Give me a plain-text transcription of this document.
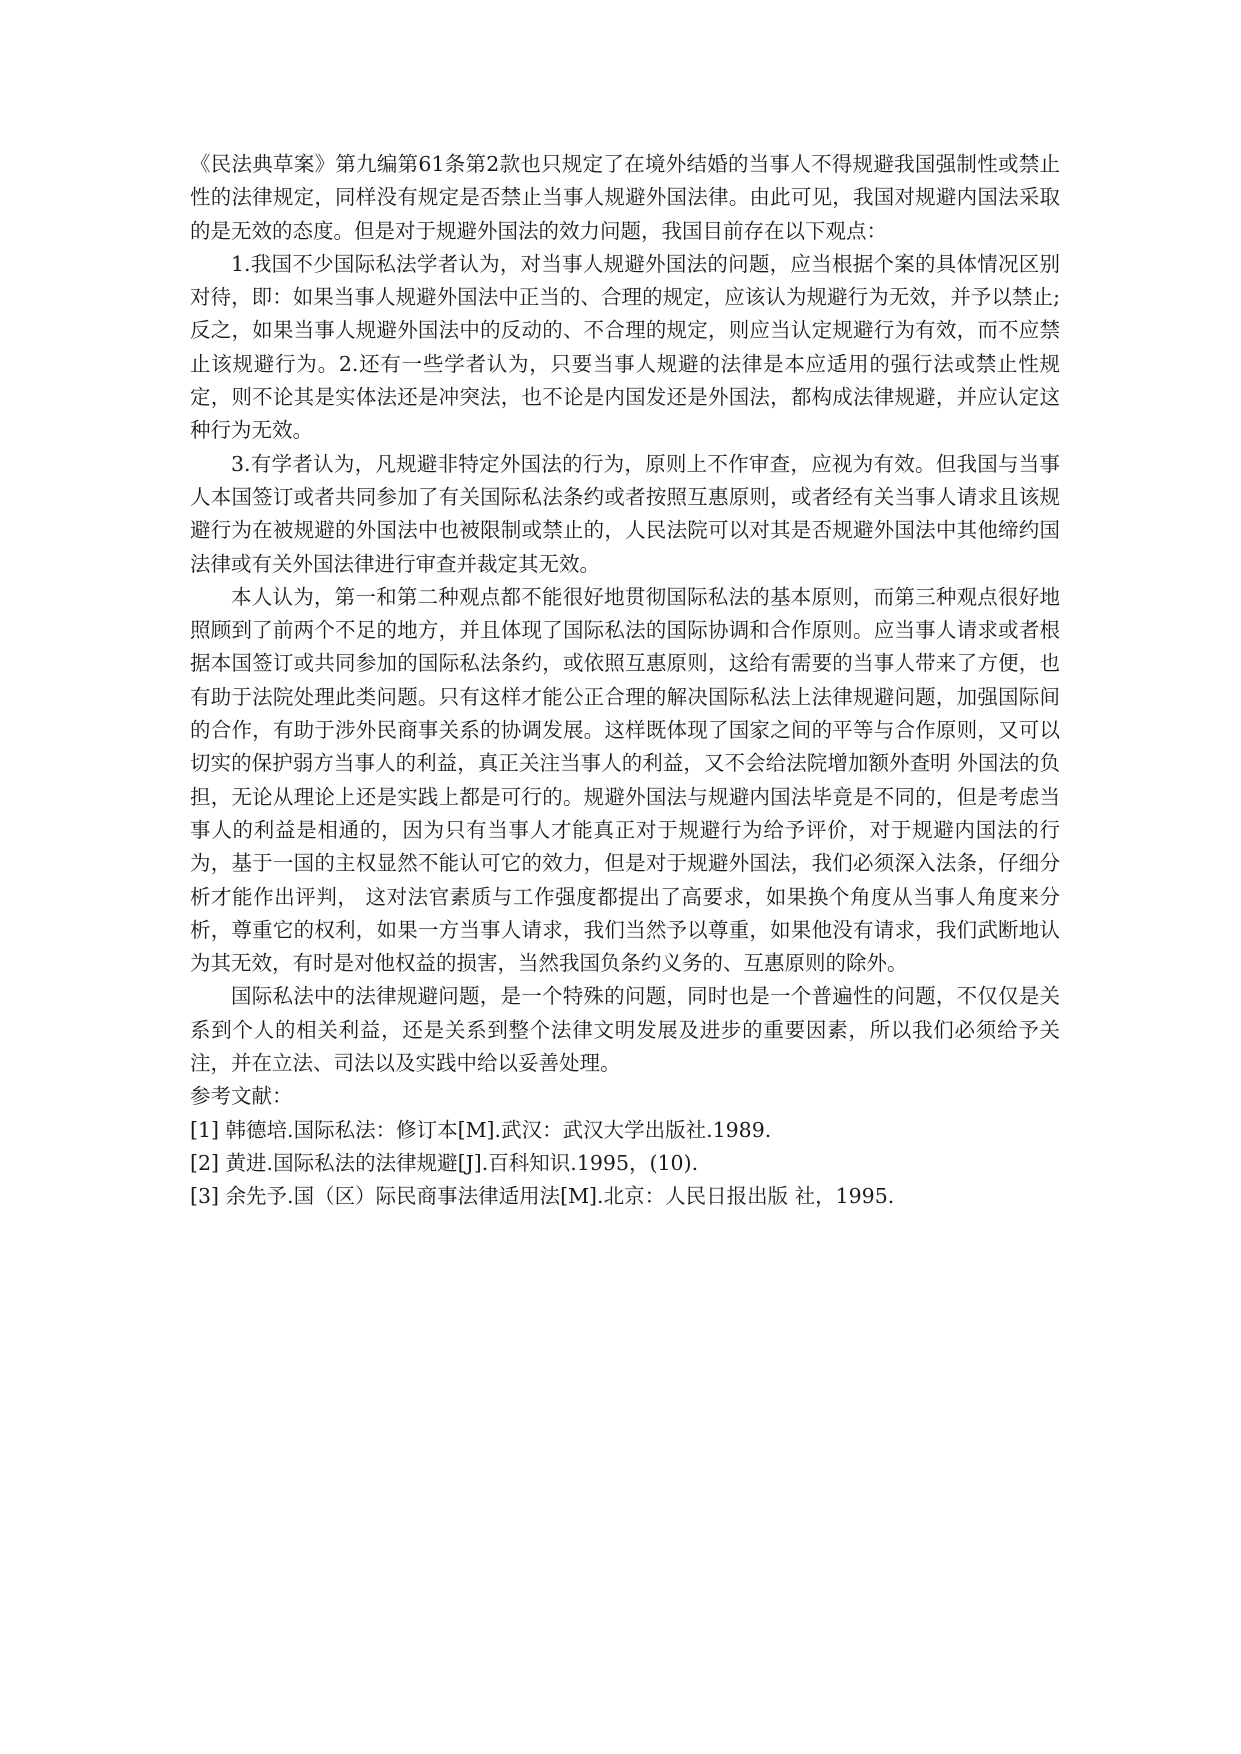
《民法典草案》第九编第61条第2款也只规定了在境外结婚的当事人不得规避我国强制性或禁止性的法律规定，同样没有规定是否禁止当事人规避外国法律。由此可见，我国对规避内国法采取的是无效的态度。但是对于规避外国法的效力问题，我国目前存在以下观点：

1.我国不少国际私法学者认为，对当事人规避外国法的问题，应当根据个案的具体情况区别对待，即：如果当事人规避外国法中正当的、合理的规定，应该认为规避行为无效，并予以禁止;反之，如果当事人规避外国法中的反动的、不合理的规定，则应当认定规避行为有效，而不应禁止该规避行为。2.还有一些学者认为，只要当事人规避的法律是本应适用的强行法或禁止性规定，则不论其是实体法还是冲突法，也不论是内国发还是外国法，都构成法律规避，并应认定这种行为无效。

3.有学者认为，凡规避非特定外国法的行为，原则上不作审查，应视为有效。但我国与当事人本国签订或者共同参加了有关国际私法条约或者按照互惠原则，或者经有关当事人请求且该规避行为在被规避的外国法中也被限制或禁止的，人民法院可以对其是否规避外国法中其他缔约国法律或有关外国法律进行审查并裁定其无效。

本人认为，第一和第二种观点都不能很好地贯彻国际私法的基本原则，而第三种观点很好地照顾到了前两个不足的地方，并且体现了国际私法的国际协调和合作原则。应当事人请求或者根据本国签订或共同参加的国际私法条约，或依照互惠原则，这给有需要的当事人带来了方便，也有助于法院处理此类问题。只有这样才能公正合理的解决国际私法上法律规避问题，加强国际间的合作，有助于涉外民商事关系的协调发展。这样既体现了国家之间的平等与合作原则，又可以切实的保护弱方当事人的利益，真正关注当事人的利益，又不会给法院增加额外查明 外国法的负担，无论从理论上还是实践上都是可行的。规避外国法与规避内国法毕竟是不同的，但是考虑当事人的利益是相通的，因为只有当事人才能真正对于规避行为给予评价，对于规避内国法的行为，基于一国的主权显然不能认可它的效力，但是对于规避外国法，我们必须深入法条，仔细分析才能作出评判， 这对法官素质与工作强度都提出了高要求，如果换个角度从当事人角度来分析，尊重它的权利，如果一方当事人请求，我们当然予以尊重，如果他没有请求，我们武断地认为其无效，有时是对他权益的损害，当然我国负条约义务的、互惠原则的除外。

国际私法中的法律规避问题，是一个特殊的问题，同时也是一个普遍性的问题，不仅仅是关系到个人的相关利益，还是关系到整个法律文明发展及进步的重要因素，所以我们必须给予关注，并在立法、司法以及实践中给以妥善处理。

参考文献：

[1] 韩德培.国际私法：修订本[M].武汉：武汉大学出版社.1989.

[2] 黄进.国际私法的法律规避[J].百科知识.1995，(10).

[3] 余先予.国（区）际民商事法律适用法[M].北京：人民日报出版 社，1995.
